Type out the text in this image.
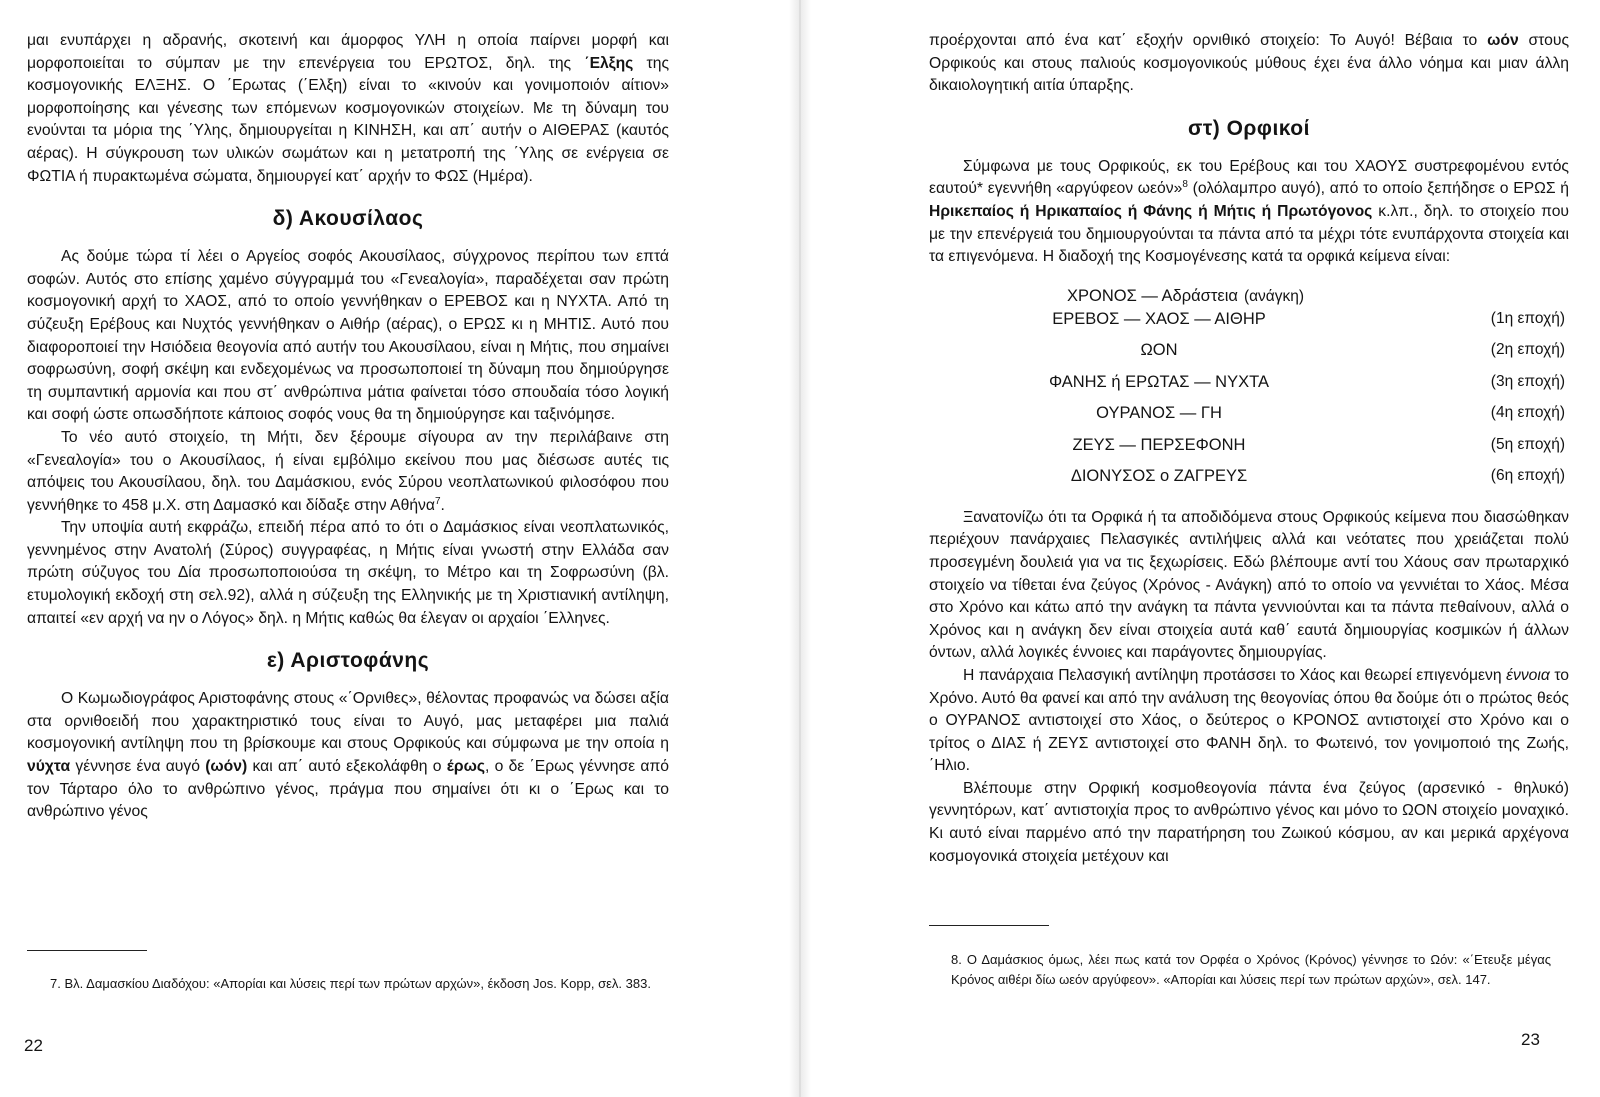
μαι ενυπάρχει η αδρανής, σκοτεινή και άμορφος ΥΛΗ η οποία παίρνει μορφή και μορφοποιείται το σύμπαν με την επενέργεια του ΕΡΩΤΟΣ, δηλ. της ΄Ελξης της κοσμογονικής ΕΛΞΗΣ. Ο ΄Ερωτας (΄Ελξη) είναι το «κινούν και γονιμοποιόν αίτιον» μορφοποίησης και γένεσης των επόμενων κοσμογονικών στοιχείων. Με τη δύναμη του ενούνται τα μόρια της ΄Υλης, δημιουργείται η ΚΙΝΗΣΗ, και απ΄ αυτήν ο ΑΙΘΕΡΑΣ (καυτός αέρας). Η σύγκρουση των υλικών σωμάτων και η μετατροπή της ΄Υλης σε ενέργεια σε ΦΩΤΙΑ ή πυρακτωμένα σώματα, δημιουργεί κατ΄ αρχήν το ΦΩΣ (Ημέρα).

δ) Ακουσίλαος

Ας δούμε τώρα τί λέει ο Αργείος σοφός Ακουσίλαος, σύγχρονος περίπου των επτά σοφών. Αυτός στο επίσης χαμένο σύγγραμμά του «Γενεαλογία», παραδέχεται σαν πρώτη κοσμογονική αρχή το ΧΑΟΣ, από το οποίο γεννήθηκαν ο ΕΡΕΒΟΣ και η ΝΥΧΤΑ. Από τη σύζευξη Ερέβους και Νυχτός γεννήθηκαν ο Αιθήρ (αέρας), ο ΕΡΩΣ κι η ΜΗΤΙΣ. Αυτό που διαφοροποιεί την Ησιόδεια θεογονία από αυτήν του Ακουσίλαου, είναι η Μήτις, που σημαίνει σοφρωσύνη, σοφή σκέψη και ενδεχομένως να προσωποποιεί τη δύναμη που δημιούργησε τη συμπαντική αρμονία και που στ΄ ανθρώπινα μάτια φαίνεται τόσο σπουδαία τόσο λογική και σοφή ώστε οπωσδήποτε κάποιος σοφός νους θα τη δημιούργησε και ταξινόμησε.

Το νέο αυτό στοιχείο, τη Μήτι, δεν ξέρουμε σίγουρα αν την περιλάβαινε στη «Γενεαλογία» του ο Ακουσίλαος, ή είναι εμβόλιμο εκείνου που μας διέσωσε αυτές τις απόψεις του Ακουσίλαου, δηλ. του Δαμάσκιου, ενός Σύρου νεοπλατωνικού φιλοσόφου που γεννήθηκε το 458 μ.Χ. στη Δαμασκό και δίδαξε στην Αθήνα$^7$.

Την υποψία αυτή εκφράζω, επειδή πέρα από το ότι ο Δαμάσκιος είναι νεοπλατωνικός, γεννημένος στην Ανατολή (Σύρος) συγγραφέας, η Μήτις είναι γνωστή στην Ελλάδα σαν πρώτη σύζυγος του Δία προσωποποιούσα τη σκέψη, το Μέτρο και τη Σοφρωσύνη (βλ. ετυμολογική εκδοχή στη σελ.92), αλλά η σύζευξη της Ελληνικής με τη Χριστιανική αντίληψη, απαιτεί «εν αρχή να ην ο Λόγος» δηλ. η Μήτις καθώς θα έλεγαν οι αρχαίοι ΄Ελληνες.

ε) Αριστοφάνης

Ο Κωμωδιογράφος Αριστοφάνης στους «΄Ορνιθες», θέλοντας προφανώς να δώσει αξία στα ορνιθοειδή που χαρακτηριστικό τους είναι το Αυγό, μας μεταφέρει μια παλιά κοσμογονική αντίληψη που τη βρίσκουμε και στους Ορφικούς και σύμφωνα με την οποία η νύχτα γέννησε ένα αυγό (ωόν) και απ΄ αυτό εξεκολάφθη ο έρως, ο δε ΄Ερως γέννησε από τον Τάρταρο όλο το ανθρώπινο γένος, πράγμα που σημαίνει ότι κι ο ΄Ερως και το ανθρώπινο γένος

7. Βλ. Δαμασκίου Διαδόχου: «Απορίαι και λύσεις περί των πρώτων αρχών», έκδοση Jos. Kopp, σελ. 383.
22

προέρχονται από ένα κατ΄ εξοχήν ορνιθικό στοιχείο: Το Αυγό! Βέβαια το ωόν στους Ορφικούς και στους παλιούς κοσμογονικούς μύθους έχει ένα άλλο νόημα και μιαν άλλη δικαιολογητική αιτία ύπαρξης.

στ) Ορφικοί

Σύμφωνα με τους Ορφικούς, εκ του Ερέβους και του ΧΑΟΥΣ συστρεφομένου εντός εαυτού* εγεννήθη «αργύφεον ωεόν»$^8$ (ολόλαμπρο αυγό), από το οποίο ξεπήδησε ο ΕΡΩΣ ή Ηρικεπαίος ή Ηρικαπαίος ή Φάνης ή Μήτις ή Πρωτόγονος κ.λπ., δηλ. το στοιχείο που με την επενέργειά του δημιουργούνται τα πάντα από τα μέχρι τότε ενυπάρχοντα στοιχεία και τα επιγενόμενα. Η διαδοχή της Κοσμογένεσης κατά τα ορφικά κείμενα είναι:

ΧΡΟΝΟΣ — Αδράστεια (ανάγκη)
ΕΡΕΒΟΣ — ΧΑΟΣ — ΑΙΘΗΡ	(1η εποχή)
ΩΟΝ	(2η εποχή)
ΦΑΝΗΣ ή ΕΡΩΤΑΣ — ΝΥΧΤΑ	(3η εποχή)
ΟΥΡΑΝΟΣ — ΓΗ	(4η εποχή)
ΖΕΥΣ — ΠΕΡΣΕΦΟΝΗ	(5η εποχή)
ΔΙΟΝΥΣΟΣ ο ΖΑΓΡΕΥΣ	(6η εποχή)

Ξανατονίζω ότι τα Ορφικά ή τα αποδιδόμενα στους Ορφικούς κείμενα που διασώθηκαν περιέχουν πανάρχαιες Πελασγικές αντιλήψεις αλλά και νεότατες που χρειάζεται πολύ προσεγμένη δουλειά για να τις ξεχωρίσεις. Εδώ βλέπουμε αντί του Χάους σαν πρωταρχικό στοιχείο να τίθεται ένα ζεύγος (Χρόνος - Ανάγκη) από το οποίο να γεννιέται το Χάος. Μέσα στο Χρόνο και κάτω από την ανάγκη τα πάντα γεννιούνται και τα πάντα πεθαίνουν, αλλά ο Χρόνος και η ανάγκη δεν είναι στοιχεία αυτά καθ΄ εαυτά δημιουργίας κοσμικών ή άλλων όντων, αλλά λογικές έννοιες και παράγοντες δημιουργίας.

Η πανάρχαια Πελασγική αντίληψη προτάσσει το Χάος και θεωρεί επιγενόμενη έννοια το Χρόνο. Αυτό θα φανεί και από την ανάλυση της θεογονίας όπου θα δούμε ότι ο πρώτος θεός ο ΟΥΡΑΝΟΣ αντιστοιχεί στο Χάος, ο δεύτερος ο ΚΡΟΝΟΣ αντιστοιχεί στο Χρόνο και ο τρίτος ο ΔΙΑΣ ή ΖΕΥΣ αντιστοιχεί στο ΦΑΝΗ δηλ. το Φωτεινό, τον γονιμοποιό της Ζωής, ΄Ηλιο.

Βλέπουμε στην Ορφική κοσμοθεογονία πάντα ένα ζεύγος (αρσενικό - θηλυκό) γεννητόρων, κατ΄ αντιστοιχία προς το ανθρώπινο γένος και μόνο το ΩΟΝ στοιχείο μοναχικό. Κι αυτό είναι παρμένο από την παρατήρηση του Ζωικού κόσμου, αν και μερικά αρχέγονα κοσμογονικά στοιχεία μετέχουν και

8. Ο Δαμάσκιος όμως, λέει πως κατά τον Ορφέα ο Χρόνος (Κρόνος) γέννησε το Ωόν: «΄Ετευξε μέγας Κρόνος αιθέρι δίω ωεόν αργύφεον». «Απορίαι και λύσεις περί των πρώτων αρχών», σελ. 147.
23
